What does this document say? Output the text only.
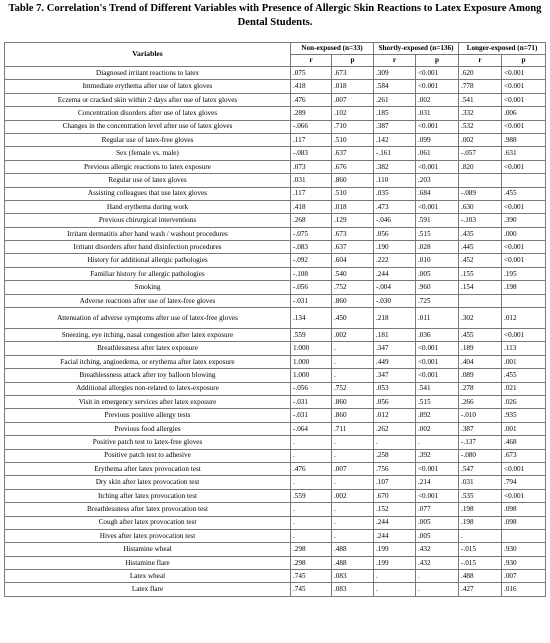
Table 7. Correlation's Trend of Different Variables with Presence of Allergic Skin Reactions to Latex Exposure Among Dental Students.
Variables	Non-exposed (n=33)		Shortly-exposed (n=136)		Longer-exposed (n=71)	
	r	p	r	p	r	p
Diagnosed irritant reactions to latex	.075	.673	.309	<0.001	.620	<0.001
Immediate erythema after use of latex gloves	.418	.018	.584	<0.001	.778	<0.001
Eczema or cracked skin within 2 days after use of latex gloves	.476	.007	.261	.002	.541	<0.001
Concentration disorders after use of latex gloves	.289	.102	.185	.031	.332	.006
Changes in the concentration level after use of latex gloves	-.066	.710	.387	<0.001	.532	<0.001
Regular use of latex-free gloves	.117	.510	.142	.099	.002	.988
Sex (female vs. male)	-.083	.637	-.161	.061	-.057	.631
Previous allergic reactions to latex exposure	.073	.676	.382	<0.001	.820	<0.001
Regular use of latex gloves	.031	.860	.110	.203		
Assisting colleagues that use latex gloves	.117	.510	.035	.684	-.089	.455
Hand erythema during work	.418	.018	.473	<0.001	.630	<0.001
Previous chirurgical interventions	.268	.129	-.046	.591	-.103	.390
Irritant dermatitis after hand wash / washout procedures	-.075	.673	.056	.515	.435	.000
Irritant disorders after hand disinfection procedures	-.083	.637	.190	.028	.445	<0.001
History for additional allergic pathologies	-.092	.604	.222	.010	.452	<0.001
Familiar history for allergic pathologies	-.108	.540	.244	.005	.155	.195
Smoking	-.056	.752	-.004	.960	.154	.198
Adverse reactions after use of latex-free gloves	-.031	.860	-.030	.725		
Attenuation of adverse symptoms after use of latex-free gloves	.134	.450	.218	.011	.302	.012
Sneezing, eye itching, nasal congestion after latex exposure	.559	.002	.181	.036	.455	<0.001
Breathlessness after latex exposure	1.000	.	.347	<0.001	.189	.113
Facial itching, angioedema, or erythema after latex exposure	1.000	.	.449	<0.001	.404	.001
Breathlessness attack after toy balloon blowing	1.000	.	.347	<0.001	.089	.455
Additional allergies non-related to latex-exposure	-.056	.752	.053	.541	.278	.021
Visit in emergency services after latex exposure	-.031	.860	.056	.515	.266	.026
Previous positive allergy tests	-.031	.860	.012	.892	-.010	.935
Previous food allergies	-.064	.711	.262	.002	.387	.001
Positive patch test to latex-free gloves	.	.	.	.	-.137	.468
Positive patch test to adhesive	.	.	.258	.392	-.080	.673
Erythema after latex provocation test	.476	.007	.756	<0.001	.547	<0.001
Dry skin after latex provocation test	.	.	.107	.214	.031	.794
Itching after latex provocation test	.559	.002	.670	<0.001	.535	<0.001
Breathlessness after latex provocation test	.	.	.152	.077	.198	.098
Cough after latex provocation test	.	.	.244	.005	.198	.098
Hives after latex provocation test	.	.	.244	.005	.	
Histamine wheal	.298	.488	.199	.432	-.015	.930
Histamine flare	.298	.488	.199	.432	-.015	.930
Latex wheal	.745	.083	.	.	.488	.007
Latex flare	.745	.083	.	.	.427	.016
